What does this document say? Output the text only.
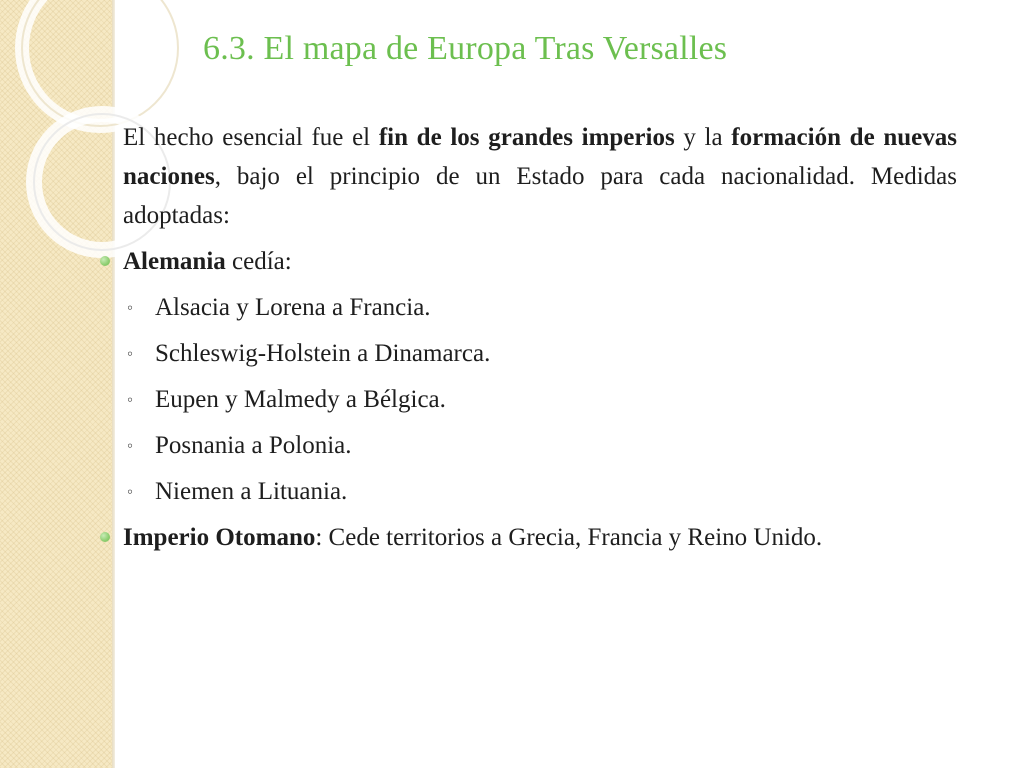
6.3. El mapa de Europa Tras Versalles

El hecho esencial fue el fin de los grandes imperios y la formación de nuevas naciones, bajo el principio de un Estado para cada nacionalidad. Medidas adoptadas:

Alemania cedía:
◦ Alsacia y Lorena a Francia.
◦ Schleswig-Holstein a Dinamarca.
◦ Eupen y Malmedy a Bélgica.
◦ Posnania a Polonia.
◦ Niemen a Lituania.
Imperio Otomano: Cede territorios a Grecia, Francia y Reino Unido.
